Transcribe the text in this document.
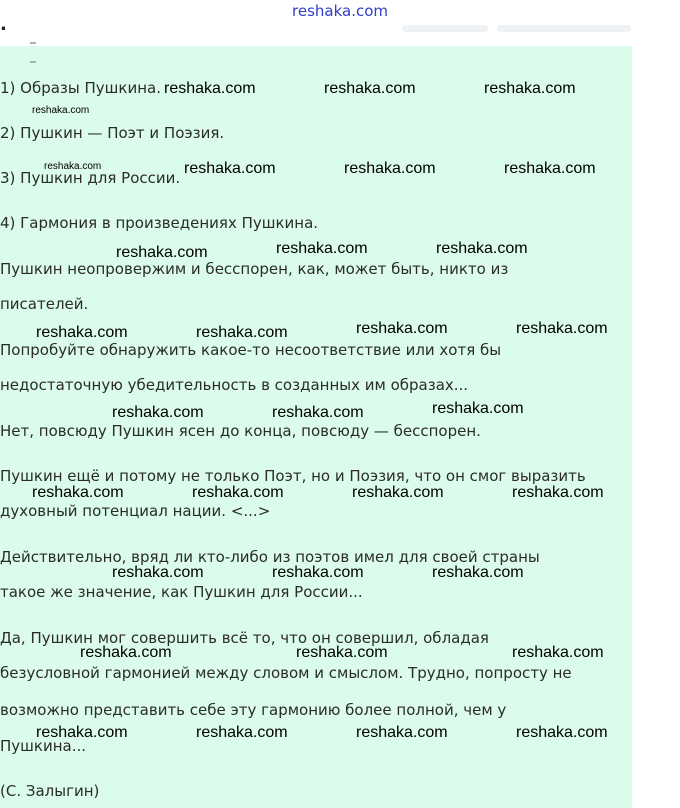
.
reshaka.com
1) Образы Пушкина.
2) Пушкин — Поэт и Поэзия.
3) Пушкин для России.
4) Гармония в произведениях Пушкина.
Пушкин неопровержим и бесспорен, как, может быть, никто из
писателей.
Попробуйте обнаружить какое-то несоответствие или хотя бы
недостаточную убедительность в созданных им образах...
Нет, повсюду Пушкин ясен до конца, повсюду — бесспорен.
Пушкин ещё и потому не только Поэт, но и Поэзия, что он смог выразить
духовный потенциал нации. <...>
Действительно, вряд ли кто-либо из поэтов имел для своей страны
такое же значение, как Пушкин для России...
Да, Пушкин мог совершить всё то, что он совершил, обладая
безусловной гармонией между словом и смыслом. Трудно, попросту не
возможно представить себе эту гармонию более полной, чем у
Пушкина...
(С. Залыгин)
reshaka.com	reshaka.com	reshaka.com
reshaka.com
reshaka.com	reshaka.com	reshaka.com	reshaka.com
reshaka.com	reshaka.com	reshaka.com
reshaka.com	reshaka.com	reshaka.com	reshaka.com
reshaka.com	reshaka.com	reshaka.com
reshaka.com	reshaka.com	reshaka.com	reshaka.com
reshaka.com	reshaka.com	reshaka.com
reshaka.com	reshaka.com	reshaka.com
reshaka.com	reshaka.com	reshaka.com	reshaka.com
